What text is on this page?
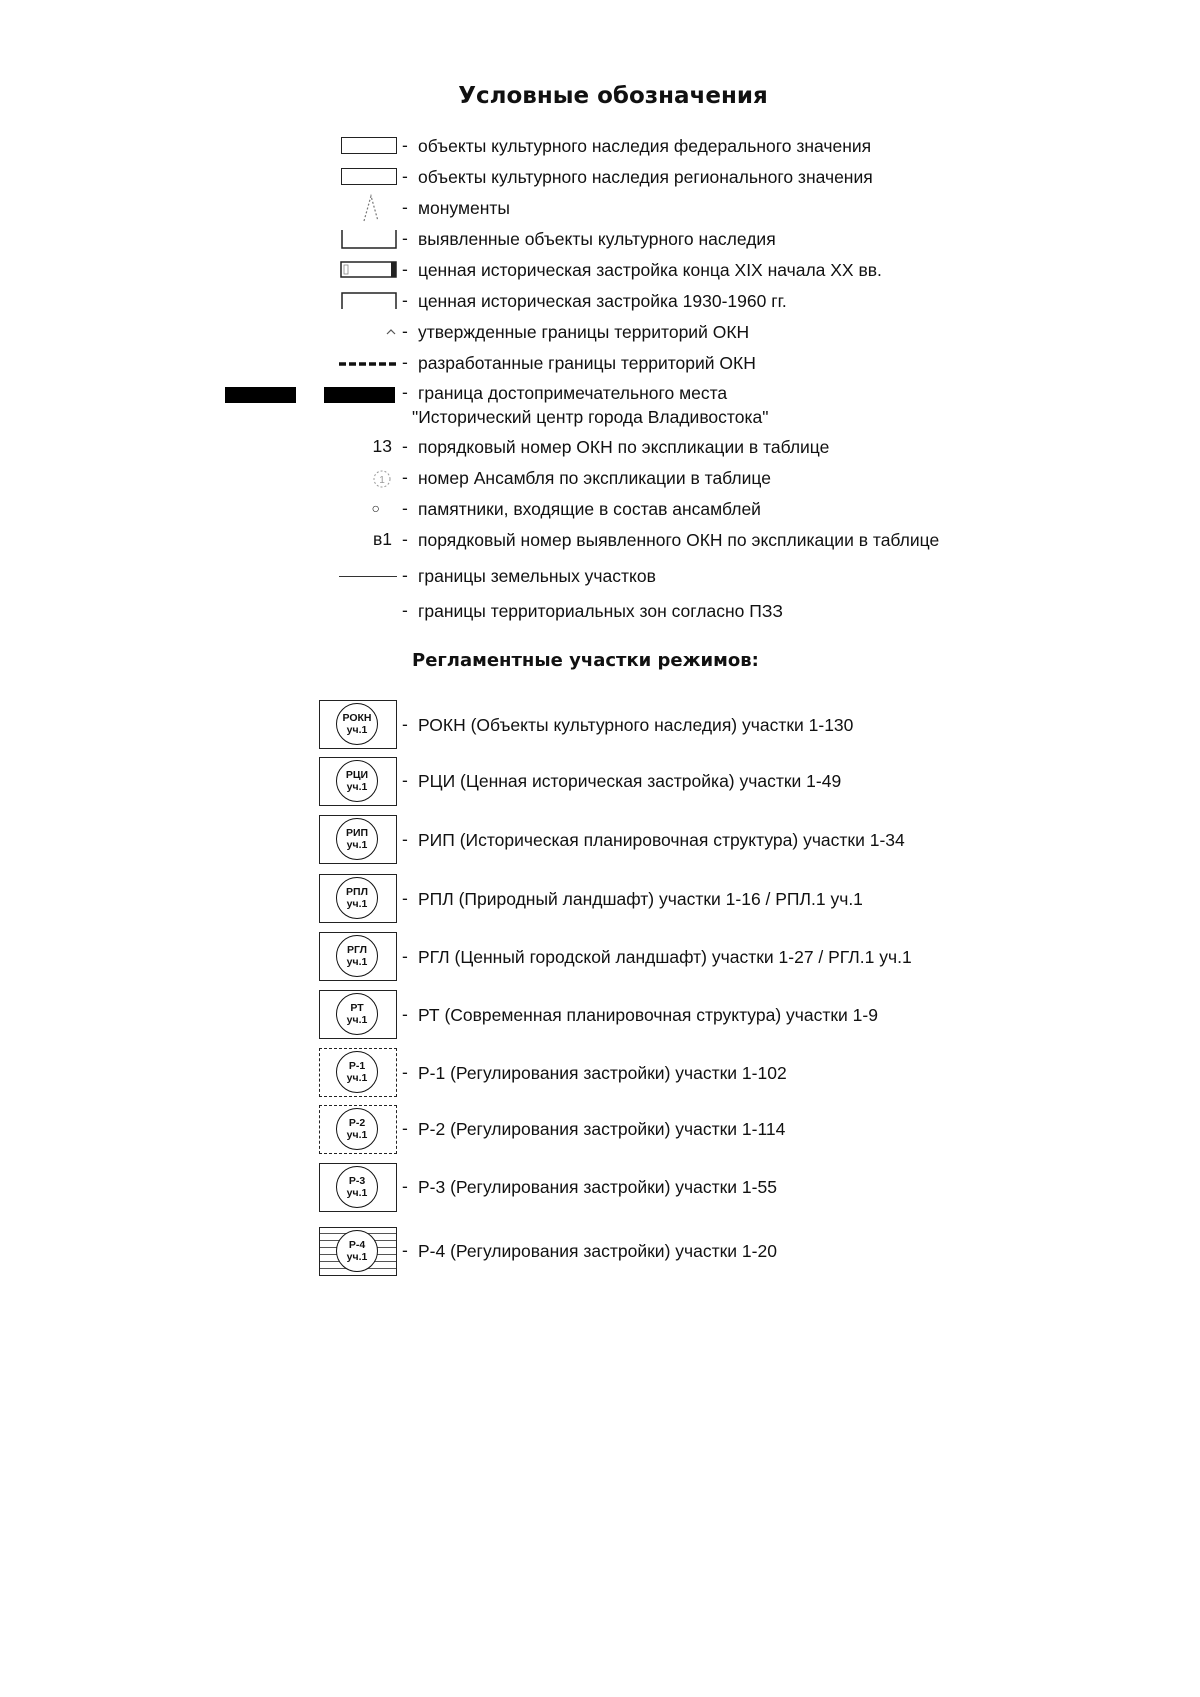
Условные обозначения
- объекты культурного наследия федерального значения
- объекты культурного наследия регионального значения
- монументы
- выявленные объекты культурного наследия
- ценная историческая застройка конца XIX начала XX вв.
- ценная историческая застройка 1930-1960 гг.
- утвержденные границы территорий ОКН
- разработанные границы территорий ОКН
- граница достопримечательного места
"Исторический центр города Владивостока"
13 - порядковый номер ОКН по экспликации в таблице
1 - номер Ансамбля по экспликации в таблице
○ - памятники, входящие в состав ансамблей
в1 - порядковый номер выявленного ОКН по экспликации в таблице
- границы земельных участков
- границы территориальных зон согласно ПЗЗ
Регламентные участки режимов:
РОКН
уч.1 - РОКН (Объекты культурного наследия) участки 1-130
РЦИ
уч.1 - РЦИ (Ценная историческая застройка) участки 1-49
РИП
уч.1 - РИП (Историческая планировочная структура) участки 1-34
РПЛ
уч.1 - РПЛ (Природный ландшафт) участки 1-16 / РПЛ.1 уч.1
РГЛ
уч.1 - РГЛ (Ценный городской ландшафт) участки 1-27 / РГЛ.1 уч.1
РТ
уч.1 - РТ (Современная планировочная структура) участки 1-9
Р-1
уч.1 - Р-1 (Регулирования застройки) участки 1-102
Р-2
уч.1 - Р-2 (Регулирования застройки) участки 1-114
Р-3
уч.1 - Р-3 (Регулирования застройки) участки 1-55
Р-4
уч.1 - Р-4 (Регулирования застройки) участки 1-20
